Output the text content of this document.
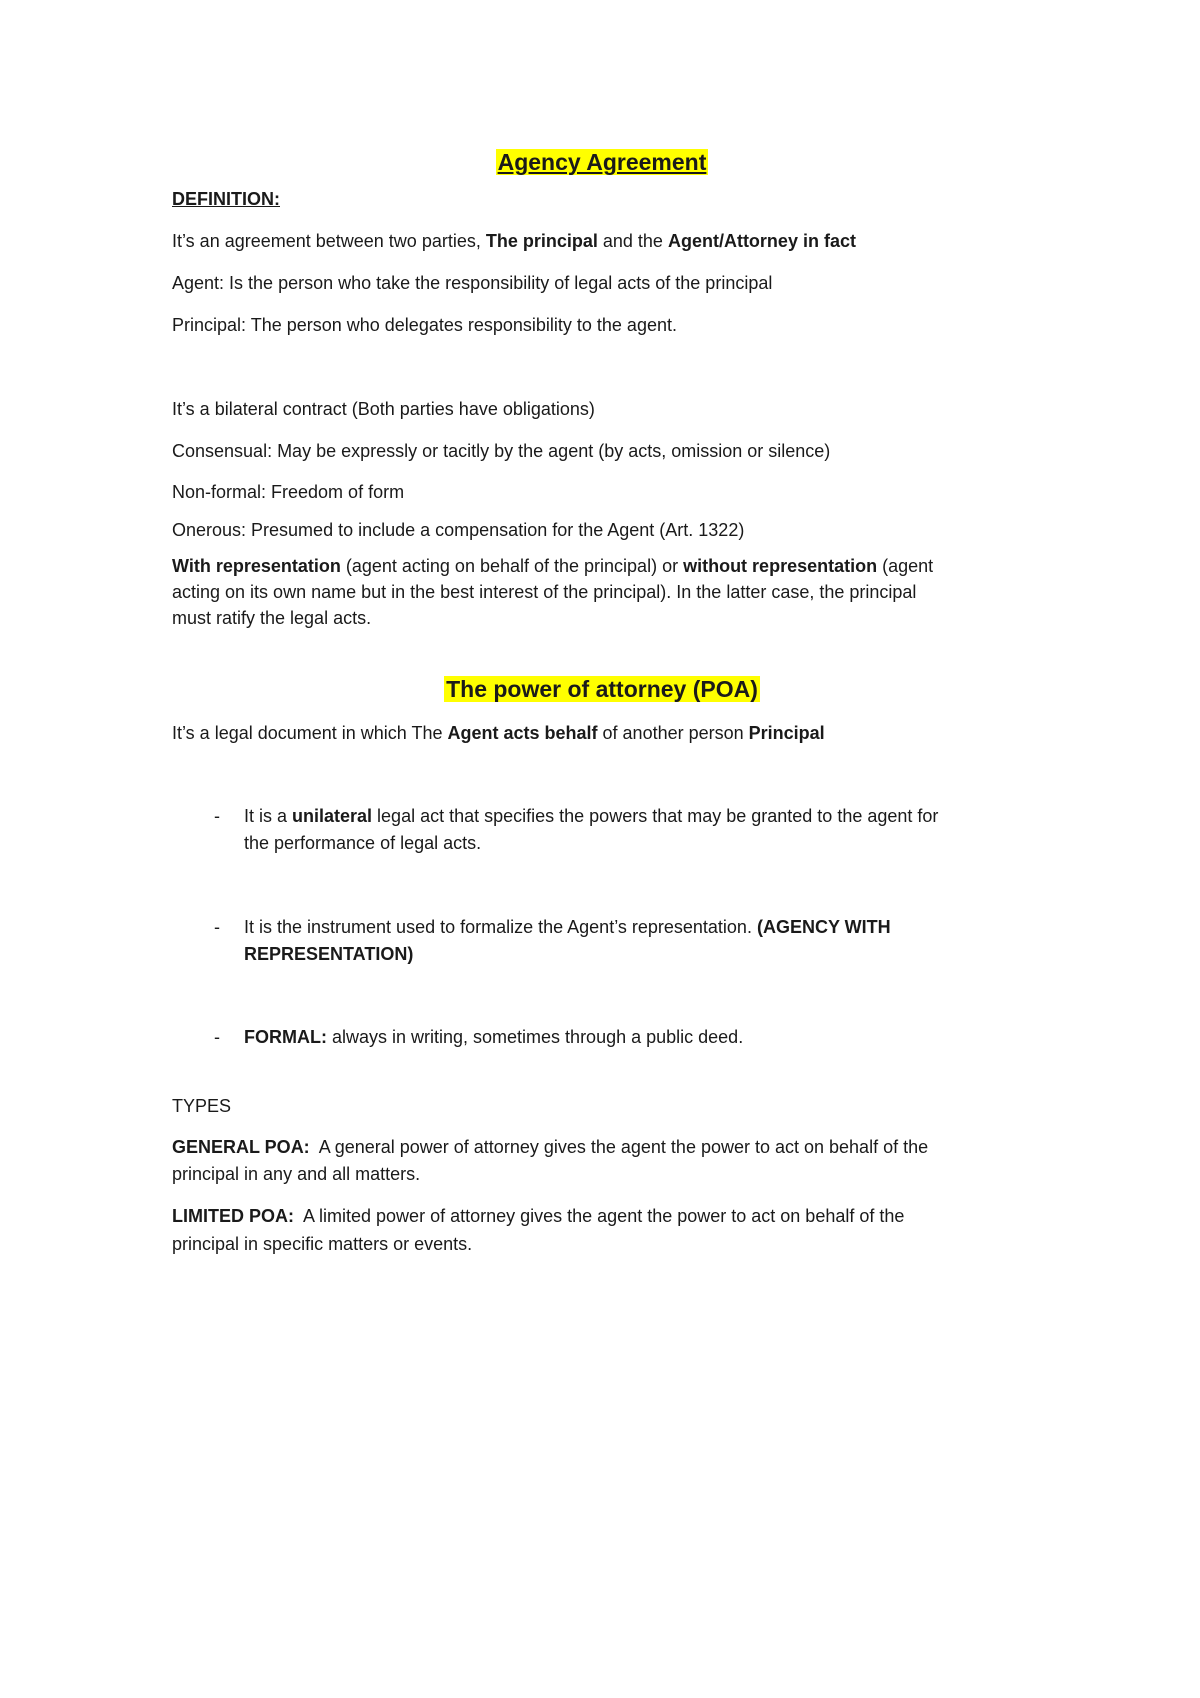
Agency Agreement
DEFINITION:
It’s an agreement between two parties, The principal and the Agent/Attorney in fact
Agent: Is the person who take the responsibility of legal acts of the principal
Principal: The person who delegates responsibility to the agent.
It’s a bilateral contract (Both parties have obligations)
Consensual: May be expressly or tacitly by the agent (by acts, omission or silence)
Non-formal: Freedom of form
Onerous: Presumed to include a compensation for the Agent (Art. 1322)
With representation (agent acting on behalf of the principal) or without representation (agent
acting on its own name but in the best interest of the principal). In the latter case, the principal
must ratify the legal acts.
The power of attorney (POA)
It’s a legal document in which The Agent acts behalf of another person Principal
- It is a unilateral legal act that specifies the powers that may be granted to the agent for
the performance of legal acts.
- It is the instrument used to formalize the Agent’s representation. (AGENCY WITH
REPRESENTATION)
- FORMAL: always in writing, sometimes through a public deed.
TYPES
GENERAL POA:  A general power of attorney gives the agent the power to act on behalf of the
principal in any and all matters.
LIMITED POA:  A limited power of attorney gives the agent the power to act on behalf of the
principal in specific matters or events.
